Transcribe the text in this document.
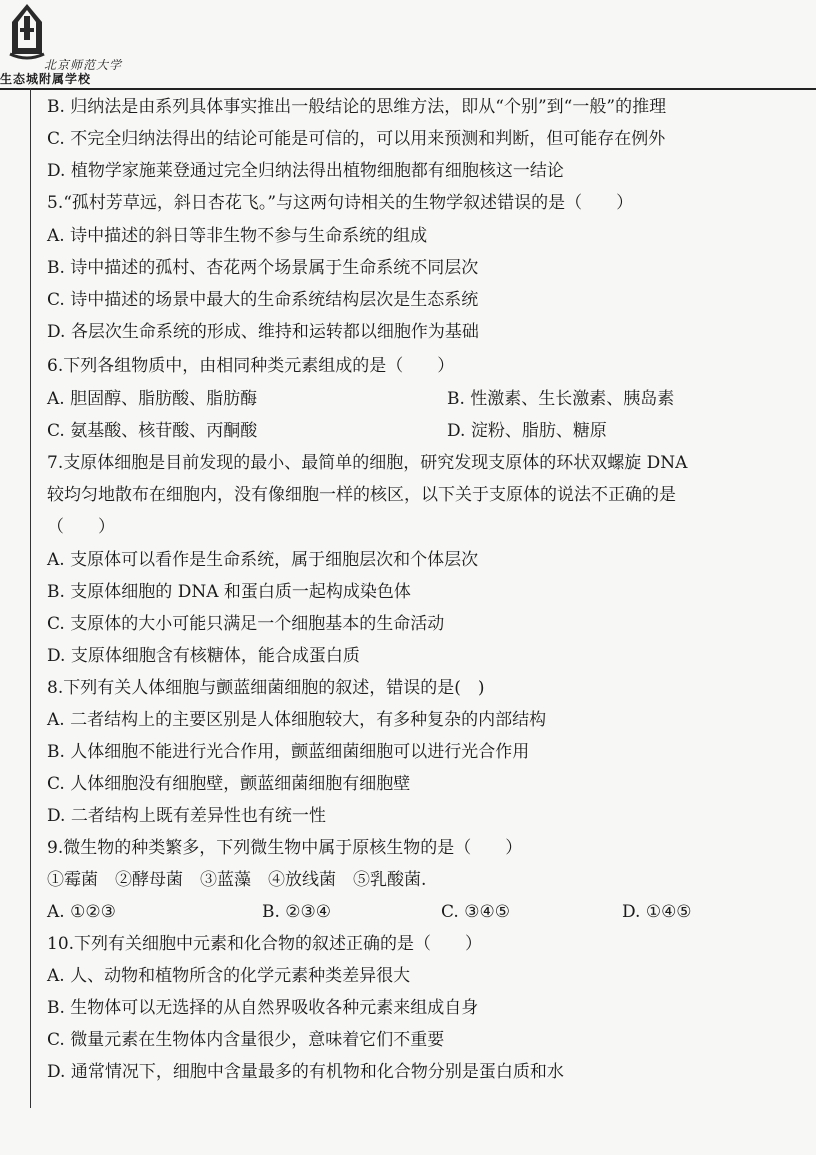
北京师范大学
生态城附属学校
B. 归纳法是由系列具体事实推出一般结论的思维方法，即从“个别”到“一般”的推理
C. 不完全归纳法得出的结论可能是可信的，可以用来预测和判断，但可能存在例外
D. 植物学家施莱登通过完全归纳法得出植物细胞都有细胞核这一结论
5.“孤村芳草远，斜日杏花飞。”与这两句诗相关的生物学叙述错误的是（　　）
A. 诗中描述的斜日等非生物不参与生命系统的组成
B. 诗中描述的孤村、杏花两个场景属于生命系统不同层次
C. 诗中描述的场景中最大的生命系统结构层次是生态系统
D. 各层次生命系统的形成、维持和运转都以细胞作为基础
6.下列各组物质中，由相同种类元素组成的是（　　）
A. 胆固醇、脂肪酸、脂肪酶	B. 性激素、生长激素、胰岛素
C. 氨基酸、核苷酸、丙酮酸	D. 淀粉、脂肪、糖原
7.支原体细胞是目前发现的最小、最简单的细胞，研究发现支原体的环状双螺旋 DNA
较均匀地散布在细胞内，没有像细胞一样的核区，以下关于支原体的说法不正确的是
（　　）
A. 支原体可以看作是生命系统，属于细胞层次和个体层次
B. 支原体细胞的 DNA 和蛋白质一起构成染色体
C. 支原体的大小可能只满足一个细胞基本的生命活动
D. 支原体细胞含有核糖体，能合成蛋白质
8.下列有关人体细胞与颤蓝细菌细胞的叙述，错误的是(　)
A. 二者结构上的主要区别是人体细胞较大，有多种复杂的内部结构
B. 人体细胞不能进行光合作用，颤蓝细菌细胞可以进行光合作用
C. 人体细胞没有细胞壁，颤蓝细菌细胞有细胞壁
D. 二者结构上既有差异性也有统一性
9.微生物的种类繁多，下列微生物中属于原核生物的是（　　）
①霉菌　②酵母菌　③蓝藻　④放线菌　⑤乳酸菌.
A. ①②③	B. ②③④	C. ③④⑤	D. ①④⑤
10.下列有关细胞中元素和化合物的叙述正确的是（　　）
A. 人、动物和植物所含的化学元素种类差异很大
B. 生物体可以无选择的从自然界吸收各种元素来组成自身
C. 微量元素在生物体内含量很少，意味着它们不重要
D. 通常情况下，细胞中含量最多的有机物和化合物分别是蛋白质和水
